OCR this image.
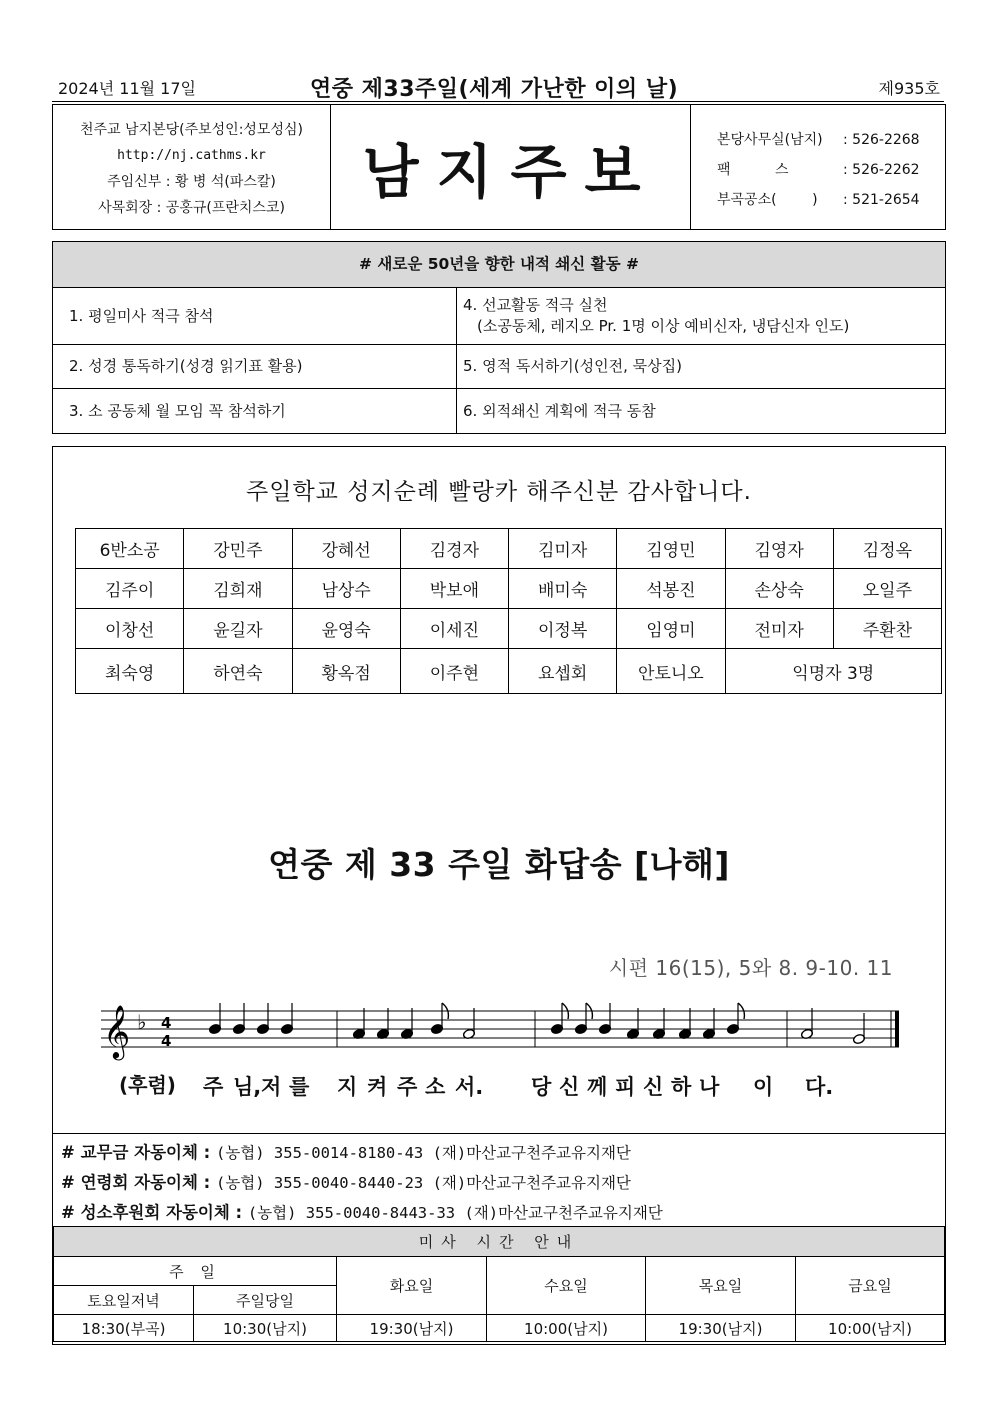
2024년 11월 17일	연중 제33주일(세계 가난한 이의 날)	제935호
천주교 남지본당(주보성인:성모성심)
http://nj.cathms.kr
주임신부 : 황 병 석(파스칼)
사목회장 : 공홍규(프란치스코)
남지주보	본당사무실(남지)	: 526-2268
팩          스	: 526-2262
부곡공소(        )	: 521-2654
# 새로운 50년을 향한 내적 쇄신 활동 #
1. 평일미사 적극 참석
4. 선교활동 적극 실천
(소공동체, 레지오 Pr. 1명 이상 예비신자, 냉담신자 인도)
2. 성경 통독하기(성경 읽기표 활용)	5. 영적 독서하기(성인전, 묵상집)
3. 소 공동체 월 모임 꼭 참석하기	6. 외적쇄신 계획에 적극 동참
주일학교 성지순례 빨랑카 해주신분 감사합니다.
6반소공	강민주	강혜선	김경자	김미자	김영민	김영자	김정옥
김주이	김희재	남상수	박보애	배미숙	석봉진	손상숙	오일주
이창선	윤길자	윤영숙	이세진	이정복	임영미	전미자	주환찬
최숙영	하연숙	황옥점	이주현	요셉회	안토니오	익명자 3명	
연중 제 33 주일 화답송 [나해]
시편 16(15), 5와 8. 9-10. 11
𝄞 ♭ 4
4
(후렴) 주 님, 저 를 지 켜 주 소 서. 당 신 께 피 신 하 나 이 다.
# 교무금 자동이체 : (농협) 355-0014-8180-43 (재)마산교구천주교유지재단
# 연령회 자동이체 : (농협) 355-0040-8440-23 (재)마산교구천주교유지재단
# 성소후원회 자동이체 : (농협) 355-0040-8443-33 (재)마산교구천주교유지재단
미사 시간 안내					
주 일		화요일	수요일	목요일	금요일
토요일저녁	주일당일				
18:30(부곡)	10:30(남지)	19:30(남지)	10:00(남지)	19:30(남지)	10:00(남지)
